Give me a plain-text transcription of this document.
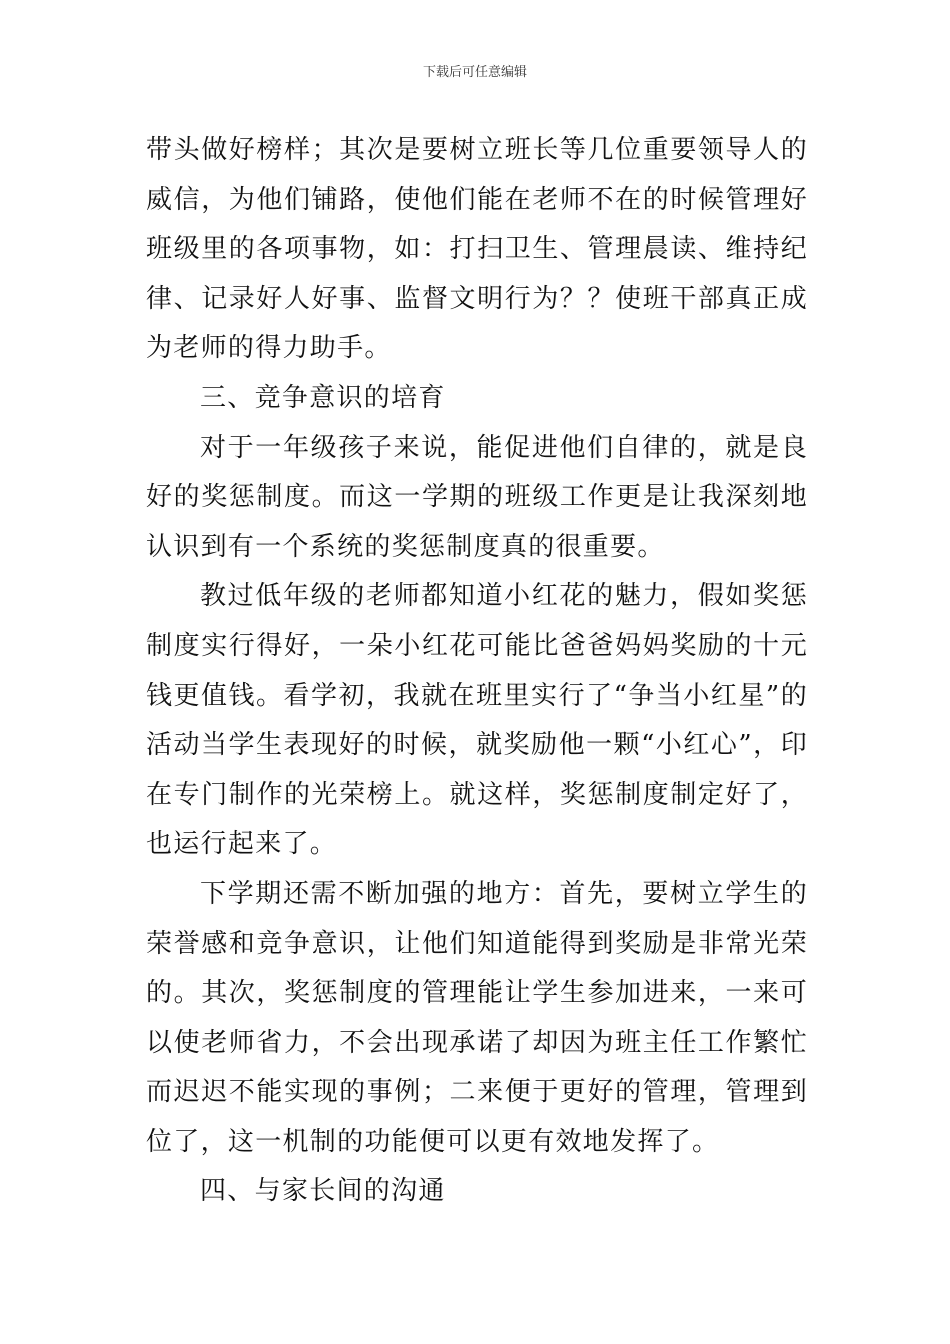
下载后可任意编辑

带头做好榜样；其次是要树立班长等几位重要领导人的威信，为他们铺路，使他们能在老师不在的时候管理好班级里的各项事物，如：打扫卫生、管理晨读、维持纪律、记录好人好事、监督文明行为？？使班干部真正成为老师的得力助手。

三、竞争意识的培育

对于一年级孩子来说，能促进他们自律的，就是良好的奖惩制度。而这一学期的班级工作更是让我深刻地认识到有一个系统的奖惩制度真的很重要。

教过低年级的老师都知道小红花的魅力，假如奖惩制度实行得好，一朵小红花可能比爸爸妈妈奖励的十元钱更值钱。看学初，我就在班里实行了“争当小红星”的活动当学生表现好的时候，就奖励他一颗“小红心”，印在专门制作的光荣榜上。就这样，奖惩制度制定好了，也运行起来了。

下学期还需不断加强的地方：首先，要树立学生的荣誉感和竞争意识，让他们知道能得到奖励是非常光荣的。其次，奖惩制度的管理能让学生参加进来，一来可以使老师省力，不会出现承诺了却因为班主任工作繁忙而迟迟不能实现的事例；二来便于更好的管理，管理到位了，这一机制的功能便可以更有效地发挥了。

四、与家长间的沟通
